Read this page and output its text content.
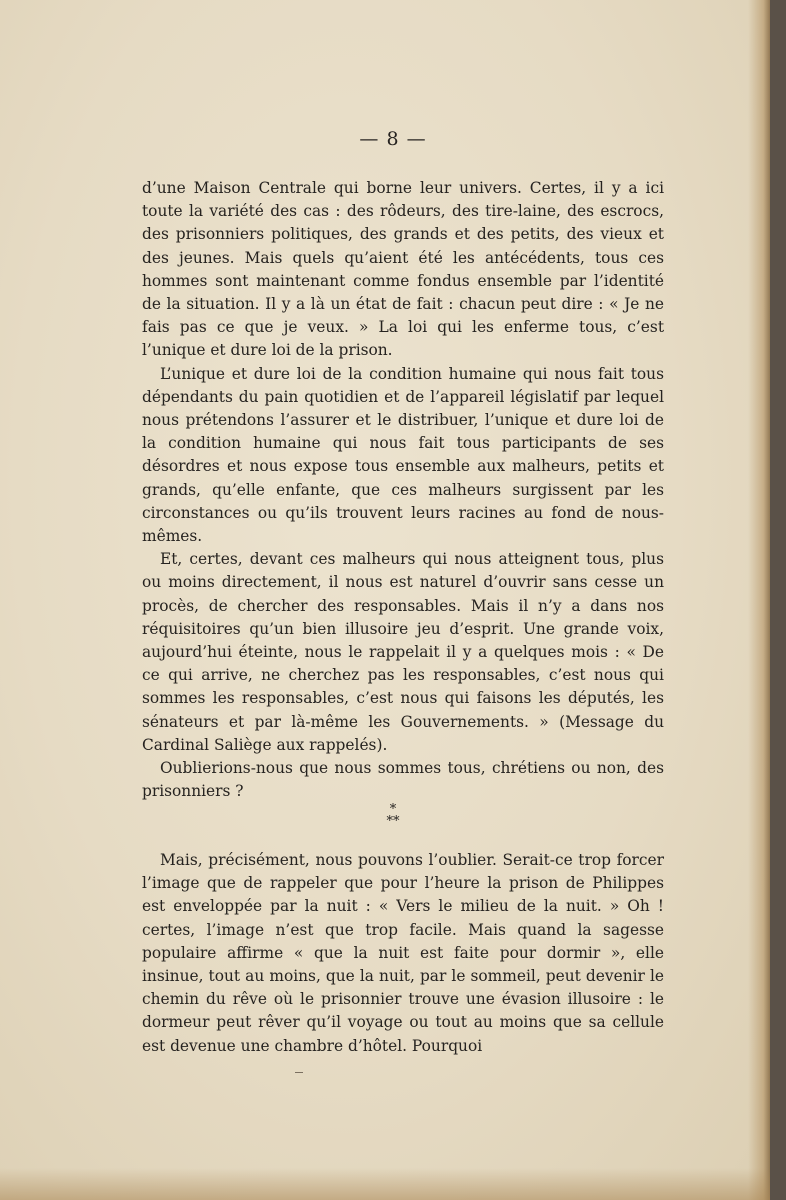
— 8 —

d’une Maison Centrale qui borne leur univers. Certes, il y a ici toute la variété des cas : des rôdeurs, des tire-laine, des escrocs, des prisonniers politiques, des grands et des petits, des vieux et des jeunes. Mais quels qu’aient été les antécédents, tous ces hommes sont maintenant comme fondus ensemble par l’identité de la situation. Il y a là un état de fait : chacun peut dire : « Je ne fais pas ce que je veux. » La loi qui les enferme tous, c’est l’unique et dure loi de la prison.

L’unique et dure loi de la condition humaine qui nous fait tous dépendants du pain quotidien et de l’appareil législatif par lequel nous prétendons l’assurer et le distribuer, l’unique et dure loi de la condition humaine qui nous fait tous participants de ses désordres et nous expose tous ensemble aux malheurs, petits et grands, qu’elle enfante, que ces malheurs surgissent par les circonstances ou qu’ils trouvent leurs racines au fond de nous-mêmes.

Et, certes, devant ces malheurs qui nous atteignent tous, plus ou moins directement, il nous est naturel d’ouvrir sans cesse un procès, de chercher des responsables. Mais il n’y a dans nos réquisitoires qu’un bien illusoire jeu d’esprit. Une grande voix, aujourd’hui éteinte, nous le rappelait il y a quelques mois : « De ce qui arrive, ne cherchez pas les responsables, c’est nous qui sommes les responsables, c’est nous qui faisons les députés, les sénateurs et par là-même les Gouvernements. » (Message du Cardinal Saliège aux rappelés).

Oublierions-nous que nous sommes tous, chrétiens ou non, des prisonniers ?

*
**

Mais, précisément, nous pouvons l’oublier. Serait-ce trop forcer l’image que de rappeler que pour l’heure la prison de Philippes est enveloppée par la nuit : « Vers le milieu de la nuit. » Oh ! certes, l’image n’est que trop facile. Mais quand la sagesse populaire affirme « que la nuit est faite pour dormir », elle insinue, tout au moins, que la nuit, par le sommeil, peut devenir le chemin du rêve où le prisonnier trouve une évasion illusoire : le dormeur peut rêver qu’il voyage ou tout au moins que sa cellule est devenue une chambre d’hôtel. Pourquoi
